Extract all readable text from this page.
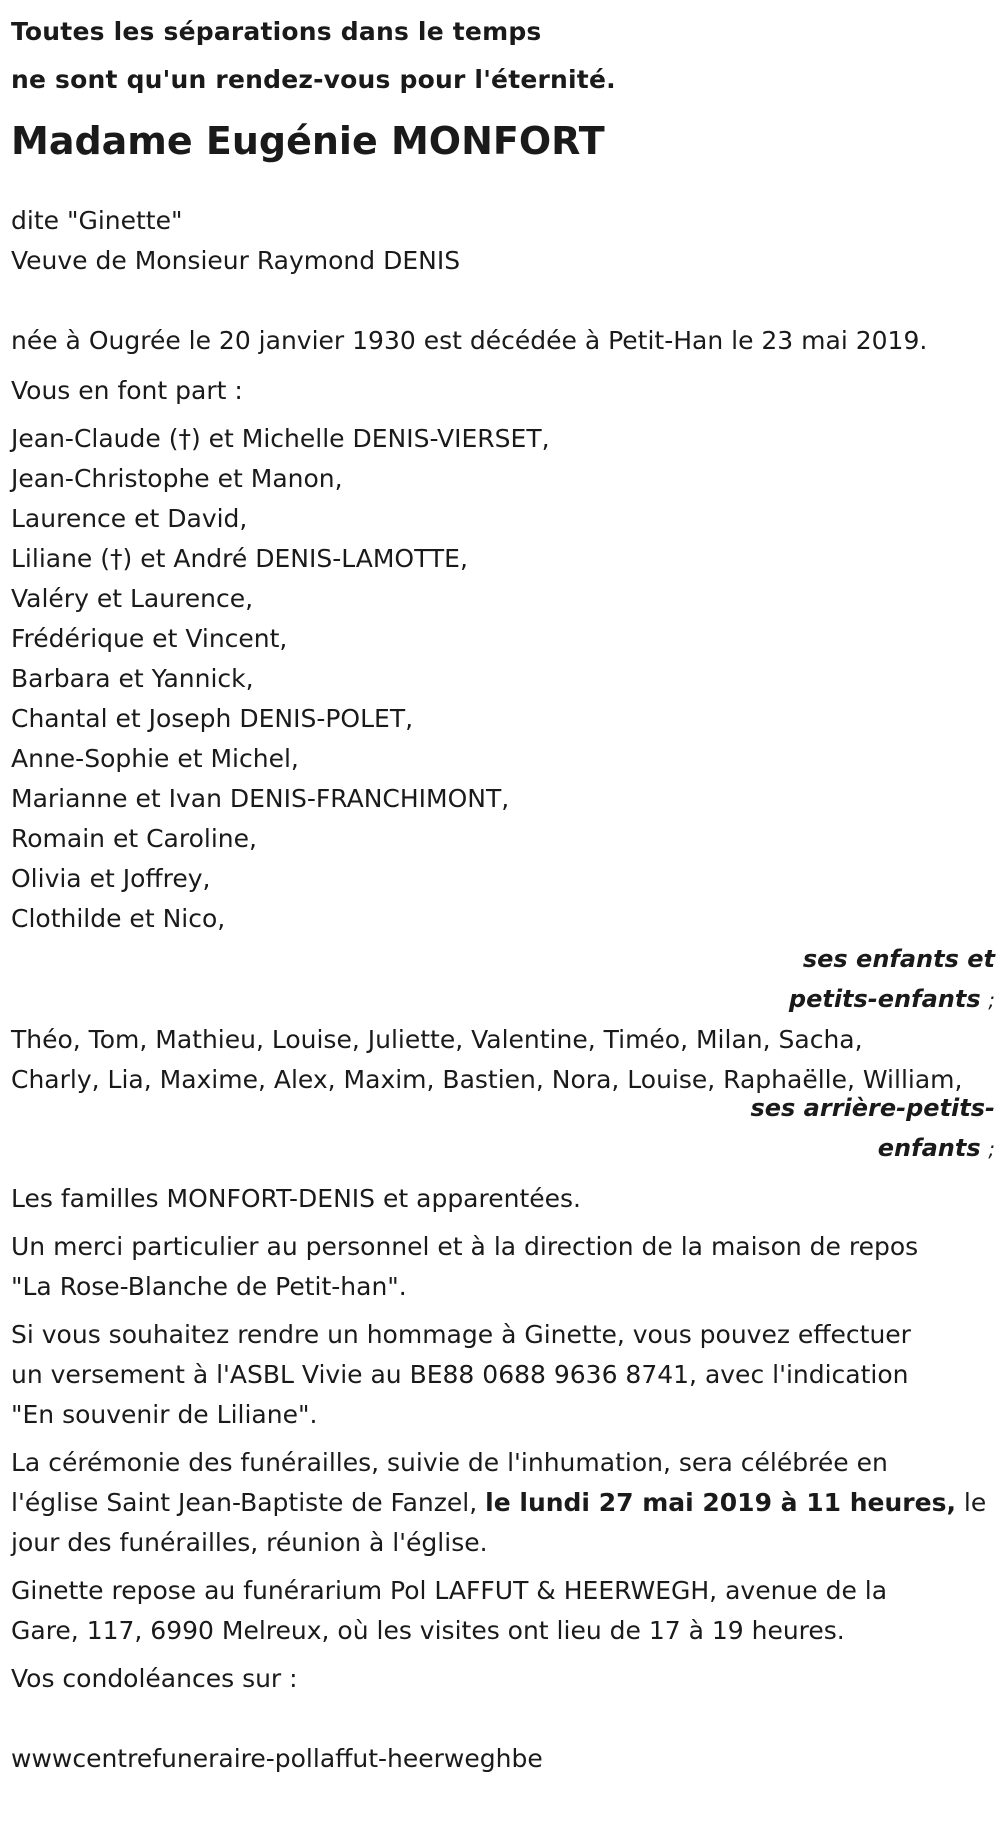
Toutes les séparations dans le temps
ne sont qu'un rendez-vous pour l'éternité.
Madame Eugénie MONFORT

dite "Ginette"

Veuve de Monsieur Raymond DENIS

née à Ougrée le 20 janvier 1930 est décédée à Petit-Han le 23 mai 2019.

Vous en font part :

Jean-Claude (†) et Michelle DENIS-VIERSET,
Jean-Christophe et Manon,
Laurence et David,
Liliane (†) et André DENIS-LAMOTTE,
Valéry et Laurence,
Frédérique et Vincent,
Barbara et Yannick,
Chantal et Joseph DENIS-POLET,
Anne-Sophie et Michel,
Marianne et Ivan DENIS-FRANCHIMONT,
Romain et Caroline,
Olivia et Joffrey,
Clothilde et Nico,

ses enfants et

petits-enfants ;

Théo, Tom, Mathieu, Louise, Juliette, Valentine, Timéo, Milan, Sacha,

Charly, Lia, Maxime, Alex, Maxim, Bastien, Nora, Louise, Raphaëlle, William,

ses arrière-petits-

enfants ;

Les familles MONFORT-DENIS et apparentées.

Un merci particulier au personnel et à la direction de la maison de repos
"La Rose-Blanche de Petit-han".
Si vous souhaitez rendre un hommage à Ginette, vous pouvez effectuer
un versement à l'ASBL Vivie au BE88 0688 9636 8741, avec l'indication
"En souvenir de Liliane".
La cérémonie des funérailles, suivie de l'inhumation, sera célébrée en
l'église Saint Jean-Baptiste de Fanzel, le lundi 27 mai 2019 à 11 heures, le
jour des funérailles, réunion à l'église.
Ginette repose au funérarium Pol LAFFUT & HEERWEGH, avenue de la
Gare, 117, 6990 Melreux, où les visites ont lieu de 17 à 19 heures.

Vos condoléances sur :

wwwcentrefuneraire-pollaffut-heerweghbe
